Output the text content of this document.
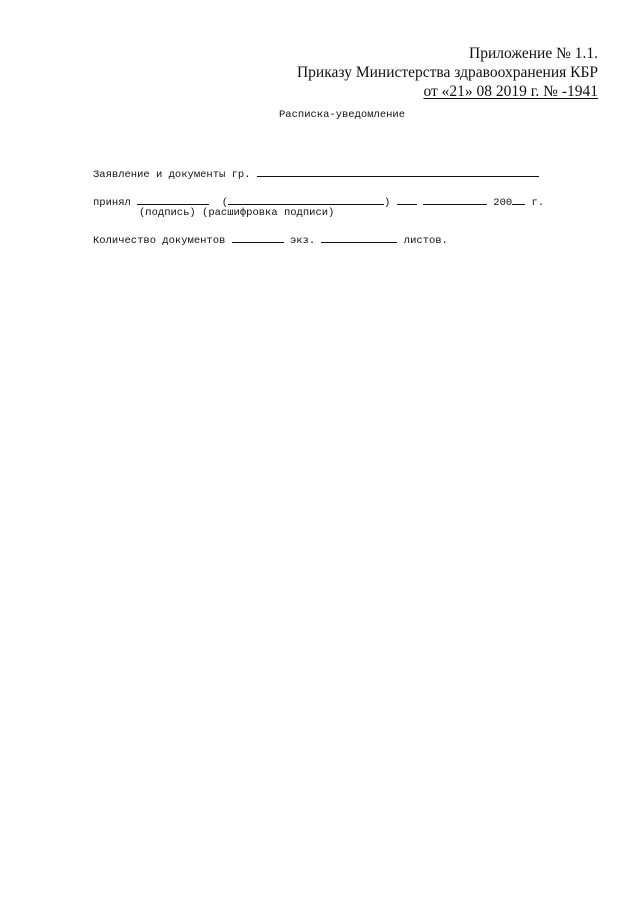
Приложение № 1.1.
Приказу Министерства здравоохранения КБР
от «21» 08 2019 г. № -1941
Расписка-уведомление
Заявление и документы гр.
принял	(	)	200 г.
(подпись) (расшифровка подписи)
Количество документов	экз.	листов.
